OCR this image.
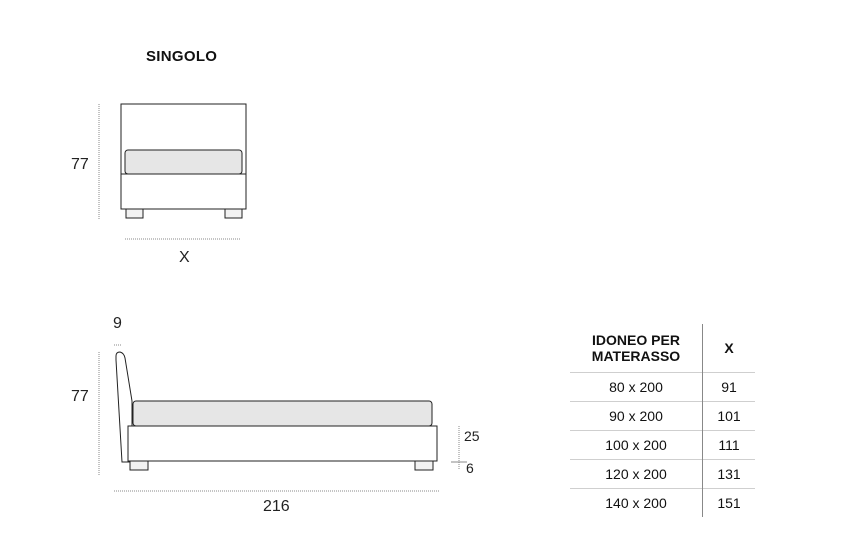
SINGOLO
77
X
9
77
216
25
6
IDONEO PER
MATERASSO	X
80 x 200	91
90 x 200	101
100 x 200	111
120 x 200	131
140 x 200	151
